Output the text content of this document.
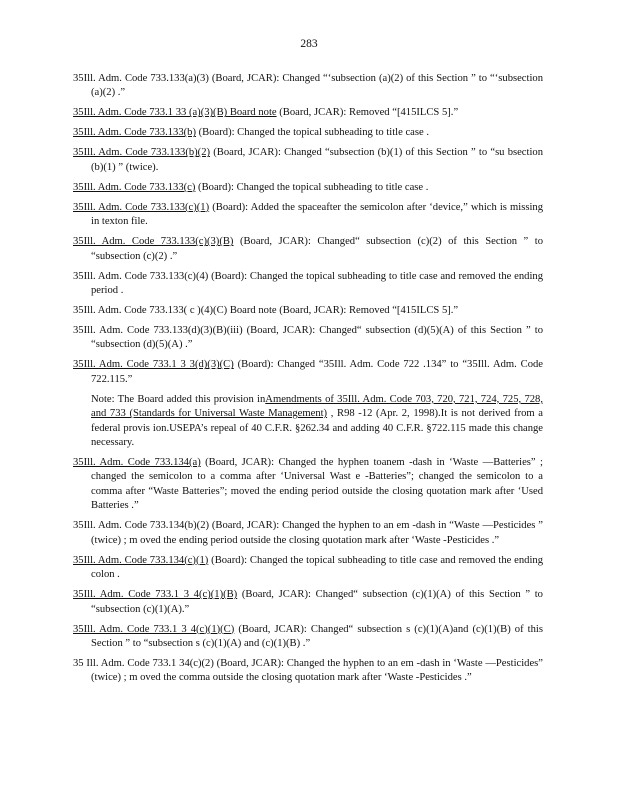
283
35Ill. Adm. Code 733.133(a)(3) (Board, JCAR): Changed “‘subsection (a)(2) of this Section ” to “‘subsection (a)(2) .”
35Ill. Adm. Code 733.1 33 (a)(3)(B) Board note (Board, JCAR): Removed “[415ILCS 5].”
35Ill. Adm. Code 733.133(b) (Board): Changed the topical subheading to title case .
35Ill. Adm. Code 733.133(b)(2) (Board, JCAR): Changed “subsection (b)(1) of this Section ” to “su bsection (b)(1) ” (twice).
35Ill. Adm. Code 733.133(c) (Board): Changed the topical subheading to title case .
35Ill. Adm. Code 733.133(c)(1) (Board): Added the spaceafter the semicolon after ‘device,” which is missing in texton file.
35Ill. Adm. Code 733.133(c)(3)(B) (Board, JCAR): Changed“ subsection (c)(2) of this Section ” to “subsection (c)(2) .”
35Ill. Adm. Code 733.133(c)(4) (Board): Changed the topical subheading to title case and removed the ending period .
35Ill. Adm. Code 733.133( c )(4)(C) Board note (Board, JCAR): Removed “[415ILCS 5].”
35Ill. Adm. Code 733.133(d)(3)(B)(iii) (Board, JCAR): Changed“ subsection (d)(5)(A) of this Section ” to “subsection (d)(5)(A) .”
35Ill. Adm. Code 733.1 3 3(d)(3)(C) (Board): Changed “35Ill. Adm. Code 722 .134” to “35Ill. Adm. Code 722.115.”
Note: The Board added this provision inAmendments of 35Ill. Adm. Code 703, 720, 721, 724, 725, 728, and 733 (Standards for Universal Waste Management) , R98 -12 (Apr. 2, 1998).It is not derived from a federal provis ion.USEPA’s repeal of 40 C.F.R. §262.34 and adding 40 C.F.R. §722.115 made this change necessary.
35Ill. Adm. Code 733.134(a) (Board, JCAR): Changed the hyphen toanem -dash in ‘Waste —Batteries” ; changed the semicolon to a comma after ‘Universal Wast e -Batteries”; changed the semicolon to a comma after “Waste Batteries”; moved the ending period outside the closing quotation mark after ‘Used Batteries .”
35Ill. Adm. Code 733.134(b)(2) (Board, JCAR): Changed the hyphen to an em -dash in “Waste —Pesticides ” (twice) ; m oved the ending period outside the closing quotation mark after ‘Waste -Pesticides .”
35Ill. Adm. Code 733.134(c)(1) (Board): Changed the topical subheading to title case and removed the ending colon .
35Ill. Adm. Code 733.1 3 4(c)(1)(B) (Board, JCAR): Changed“ subsection (c)(1)(A) of this Section ” to “subsection (c)(1)(A).”
35Ill. Adm. Code 733.1 3 4(c)(1)(C) (Board, JCAR): Changed“ subsection s (c)(1)(A)and (c)(1)(B) of this Section ” to “subsection s (c)(1)(A) and (c)(1)(B) .”
35 Ill. Adm. Code 733.1 34(c)(2) (Board, JCAR): Changed the hyphen to an em -dash in ‘Waste —Pesticides” (twice) ; m oved the comma outside the closing quotation mark after ‘Waste -Pesticides .”
